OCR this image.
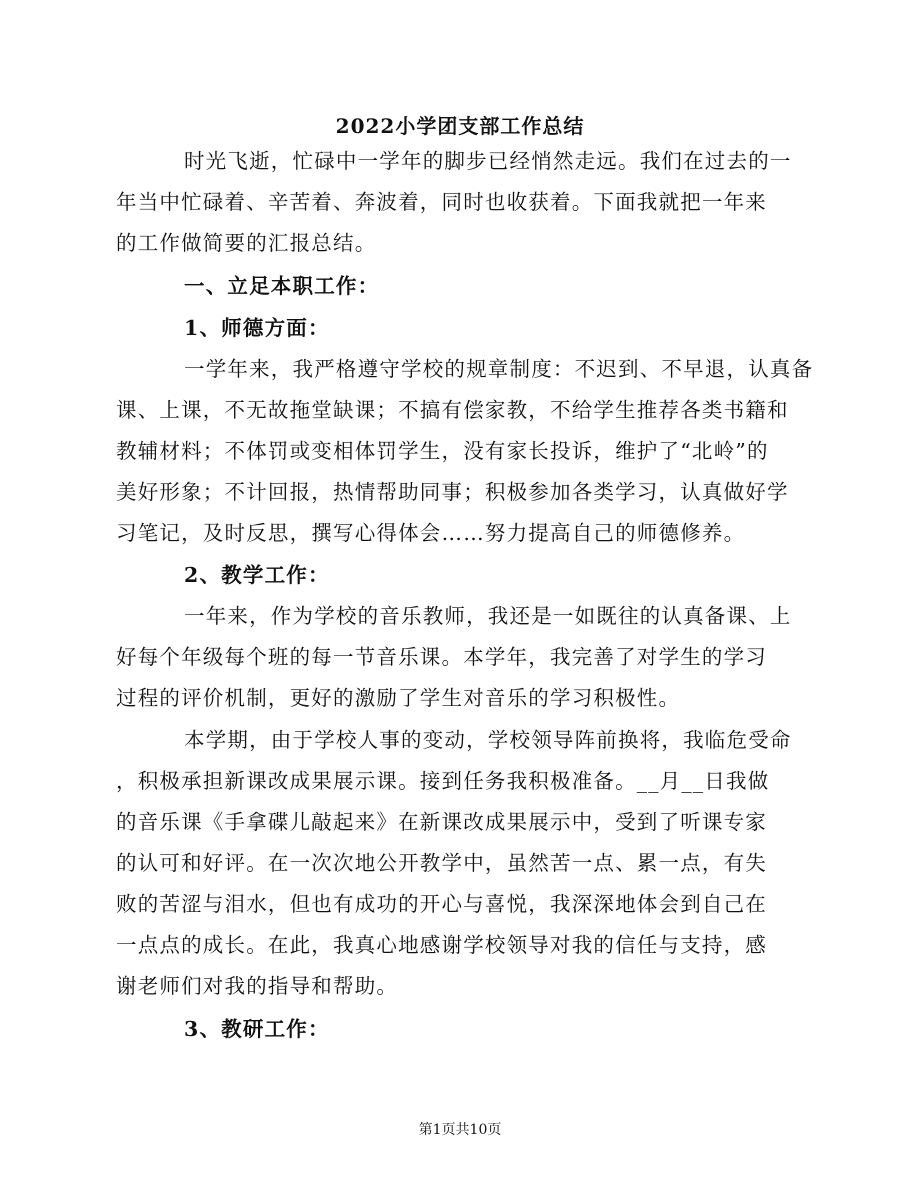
2022小学团支部工作总结
时光飞逝，忙碌中一学年的脚步已经悄然走远。我们在过去的一
年当中忙碌着、辛苦着、奔波着，同时也收获着。下面我就把一年来
的工作做简要的汇报总结。
一、立足本职工作：
1、师德方面：
一学年来，我严格遵守学校的规章制度：不迟到、不早退，认真备
课、上课，不无故拖堂缺课；不搞有偿家教，不给学生推荐各类书籍和
教辅材料；不体罚或变相体罚学生，没有家长投诉，维护了“北岭”的
美好形象；不计回报，热情帮助同事；积极参加各类学习，认真做好学
习笔记，及时反思，撰写心得体会……努力提高自己的师德修养。
2、教学工作：
一年来，作为学校的音乐教师，我还是一如既往的认真备课、上
好每个年级每个班的每一节音乐课。本学年，我完善了对学生的学习
过程的评价机制，更好的激励了学生对音乐的学习积极性。
本学期，由于学校人事的变动，学校领导阵前换将，我临危受命
，积极承担新课改成果展示课。接到任务我积极准备。__月__日我做
的音乐课《手拿碟儿敲起来》在新课改成果展示中，受到了听课专家
的认可和好评。在一次次地公开教学中，虽然苦一点、累一点，有失
败的苦涩与泪水，但也有成功的开心与喜悦，我深深地体会到自己在
一点点的成长。在此，我真心地感谢学校领导对我的信任与支持，感
谢老师们对我的指导和帮助。
3、教研工作：
第1页共10页
